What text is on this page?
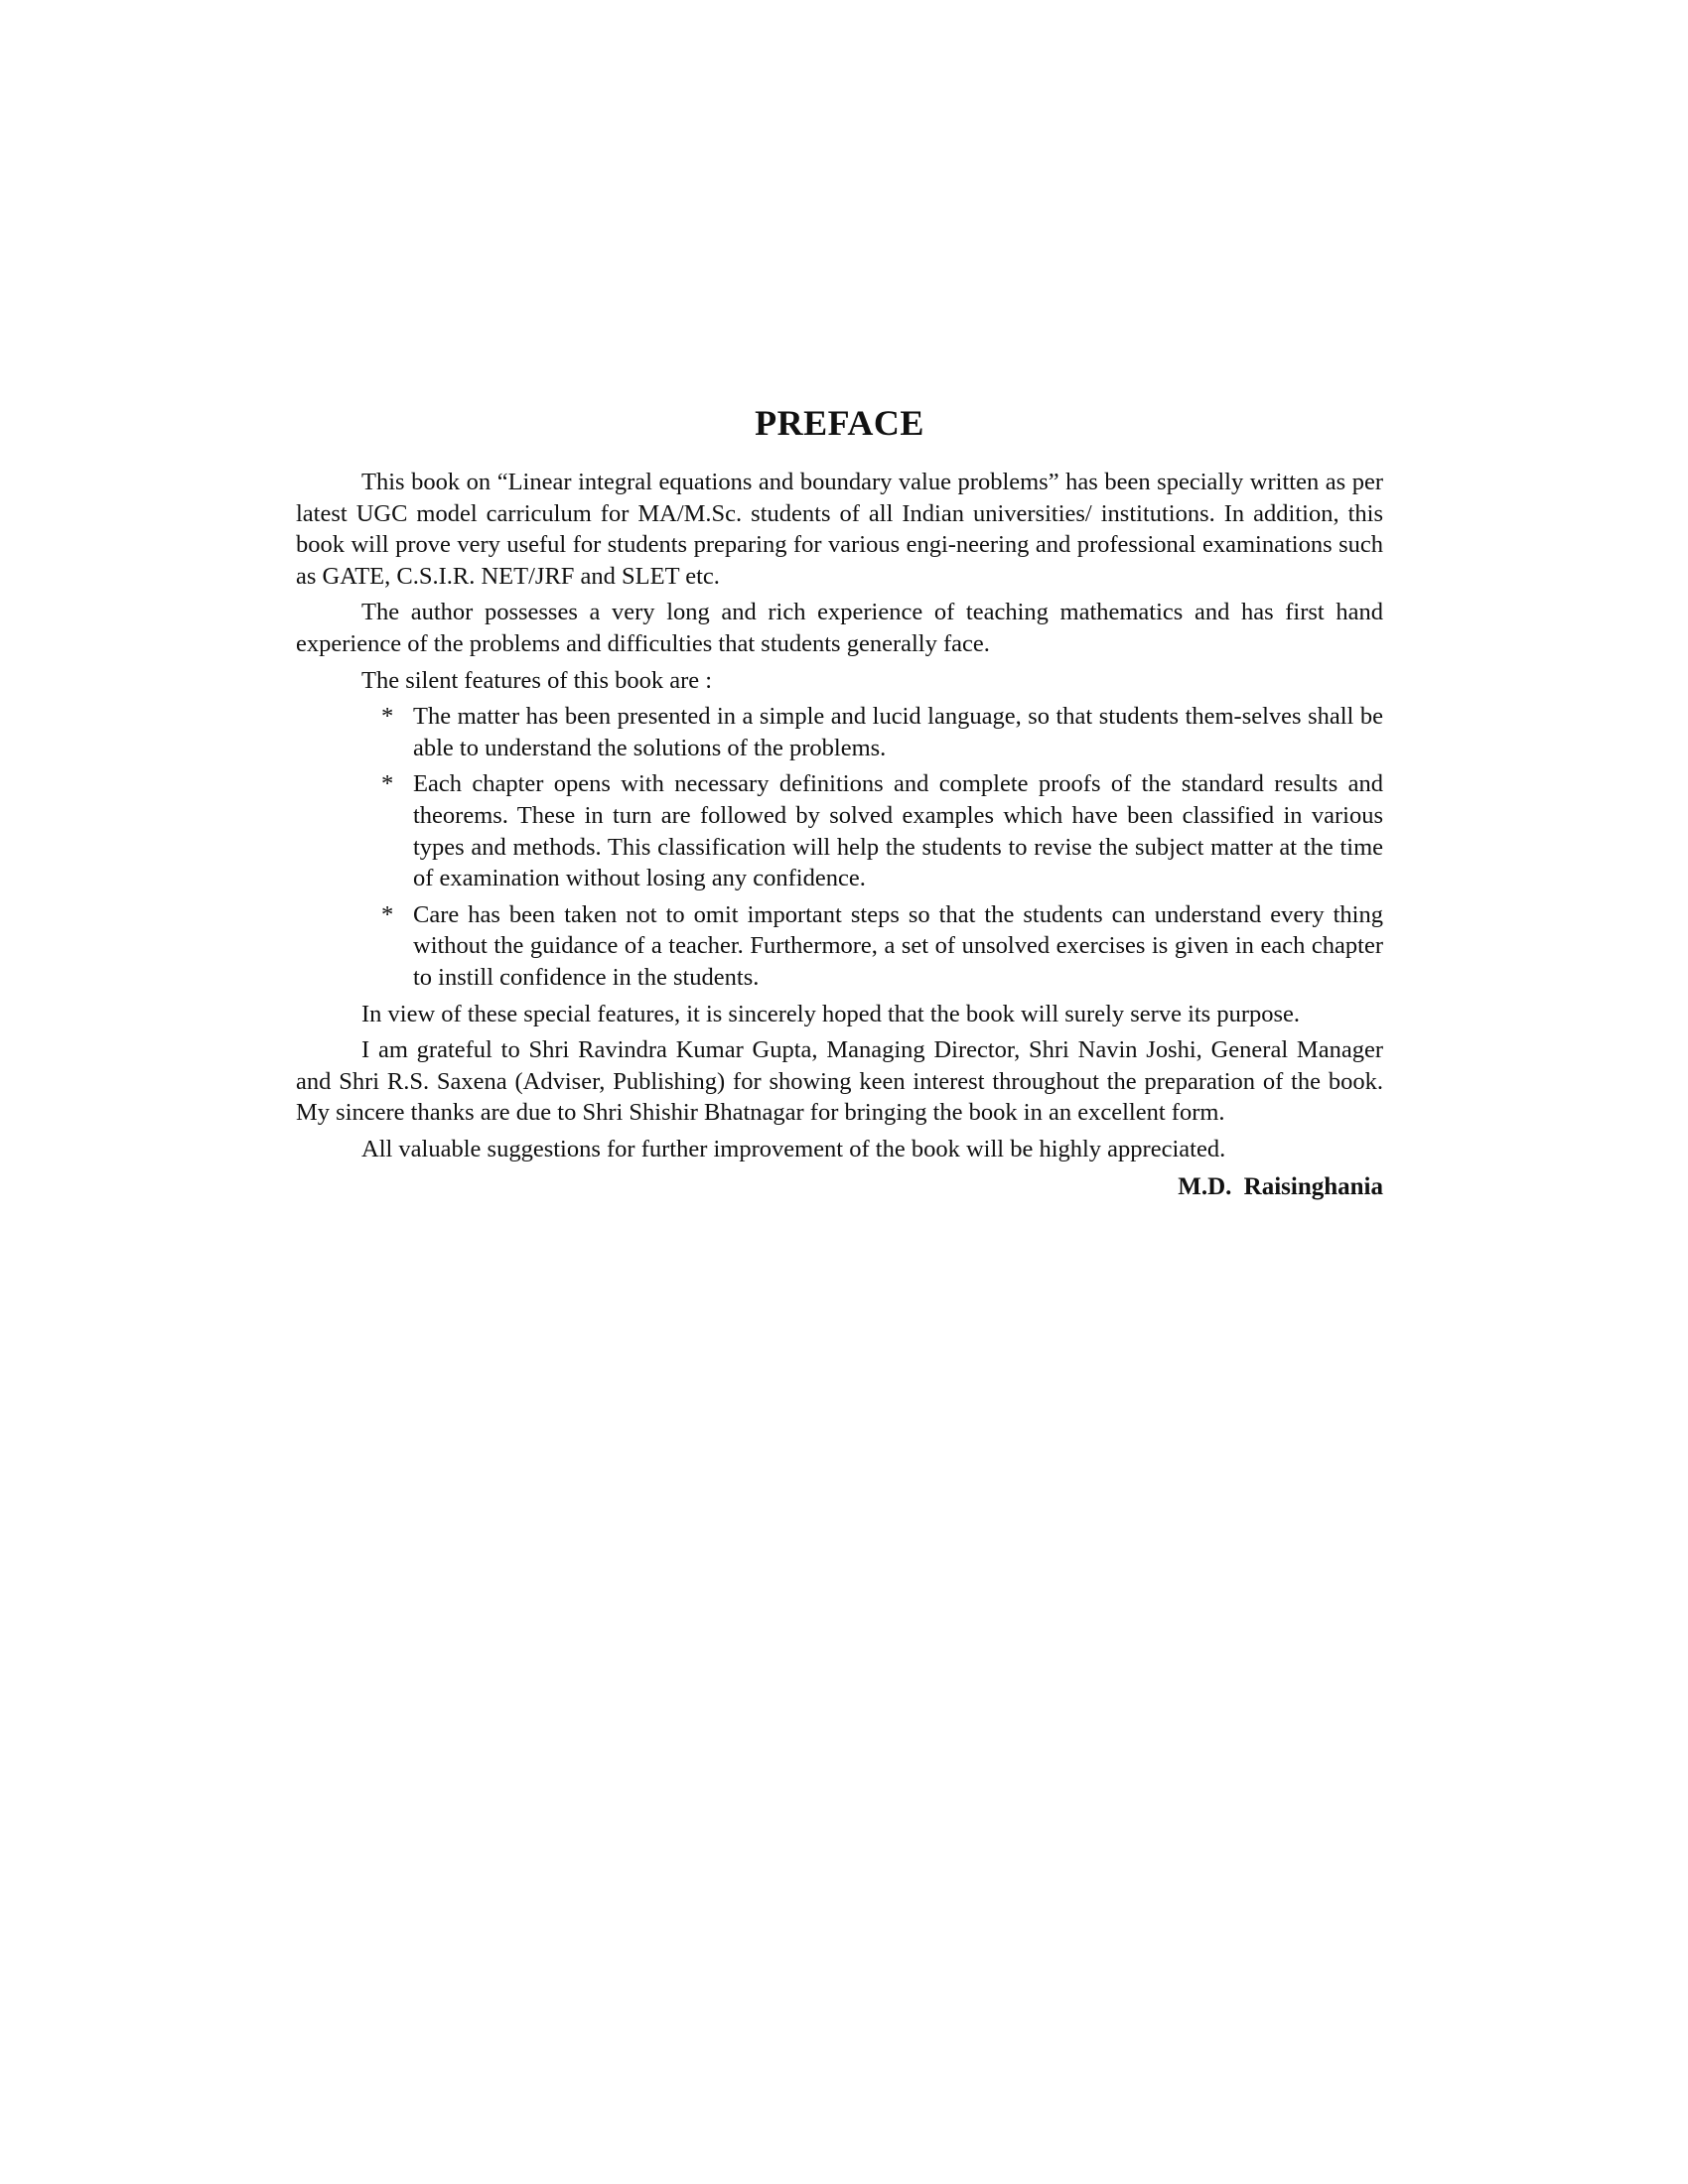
PREFACE

This book on “Linear integral equations and boundary value problems” has been specially written as per latest UGC model carriculum for MA/M.Sc. students of all Indian universities/ institutions. In addition, this book will prove very useful for students preparing for various engi-neering and professional examinations such as GATE, C.S.I.R. NET/JRF and SLET etc.

The author possesses a very long and rich experience of teaching mathematics and has first hand experience of the problems and difficulties that students generally face.

The silent features of this book are :

* The matter has been presented in a simple and lucid language, so that students them-selves shall be able to understand the solutions of the problems.
* Each chapter opens with necessary definitions and complete proofs of the standard results and theorems. These in turn are followed by solved examples which have been classified in various types and methods. This classification will help the students to revise the subject matter at the time of examination without losing any confidence.
* Care has been taken not to omit important steps so that the students can understand every thing without the guidance of a teacher. Furthermore, a set of unsolved exercises is given in each chapter to instill confidence in the students.

In view of these special features, it is sincerely hoped that the book will surely serve its purpose.

I am grateful to Shri Ravindra Kumar Gupta, Managing Director, Shri Navin Joshi, General Manager and Shri R.S. Saxena (Adviser, Publishing) for showing keen interest throughout the preparation of the book. My sincere thanks are due to Shri Shishir Bhatnagar for bringing the book in an excellent form.

All valuable suggestions for further improvement of the book will be highly appreciated.

M.D. Raisinghania
